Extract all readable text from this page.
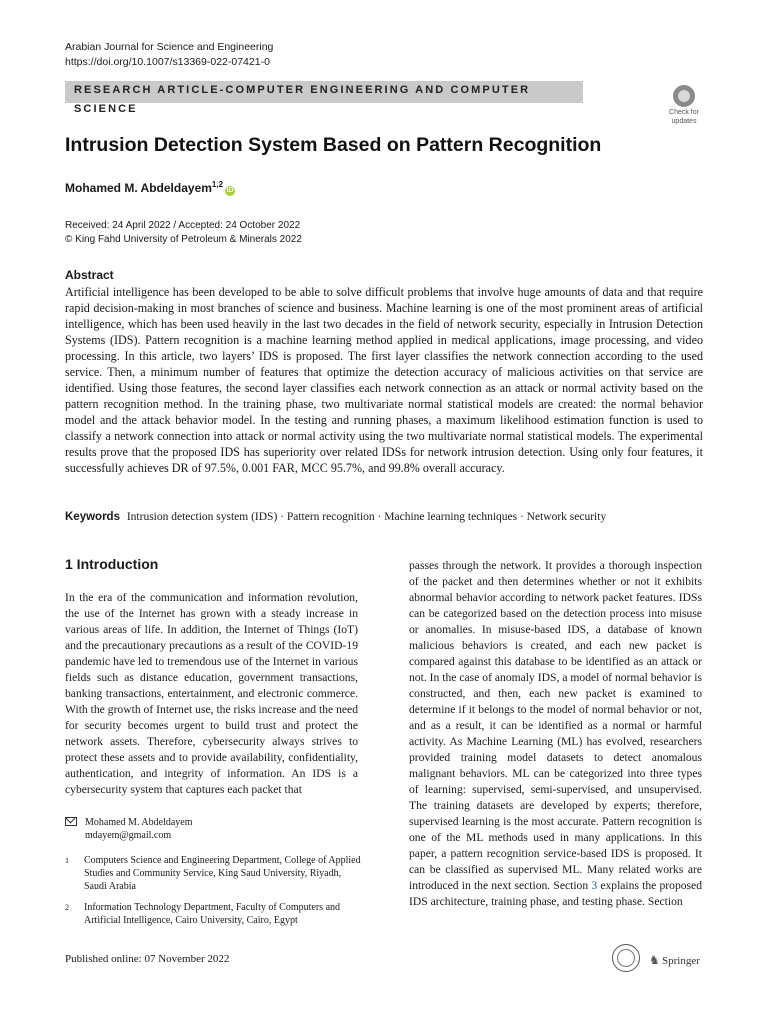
Arabian Journal for Science and Engineering
https://doi.org/10.1007/s13369-022-07421-0
RESEARCH ARTICLE-COMPUTER ENGINEERING AND COMPUTER SCIENCE	Check for
updates
Intrusion Detection System Based on Pattern Recognition
Mohamed M. Abdeldayem$^{1,2}$iD
Received: 24 April 2022 / Accepted: 24 October 2022
© King Fahd University of Petroleum & Minerals 2022
Abstract

Artificial intelligence has been developed to be able to solve difficult problems that involve huge amounts of data and that require rapid decision-making in most branches of science and business. Machine learning is one of the most prominent areas of artificial intelligence, which has been used heavily in the last two decades in the field of network security, especially in Intrusion Detection Systems (IDS). Pattern recognition is a machine learning method applied in medical applications, image processing, and video processing. In this article, two layers’ IDS is proposed. The first layer classifies the network connection according to the used service. Then, a minimum number of features that optimize the detection accuracy of malicious activities on that service are identified. Using those features, the second layer classifies each network connection as an attack or normal activity based on the pattern recognition method. In the training phase, two multivariate normal statistical models are created: the normal behavior model and the attack behavior model. In the testing and running phases, a maximum likelihood estimation function is used to classify a network connection into attack or normal activity using the two multivariate normal statistical models. The experimental results prove that the proposed IDS has superiority over related IDSs for network intrusion detection. Using only four features, it successfully achieves DR of 97.5%, 0.001 FAR, MCC 95.7%, and 99.8% overall accuracy.

Keywords Intrusion detection system (IDS) · Pattern recognition · Machine learning techniques · Network security
1 Introduction

In the era of the communication and information revolution, the use of the Internet has grown with a steady increase in various areas of life. In addition, the Internet of Things (IoT) and the precautionary precautions as a result of the COVID-19 pandemic have led to tremendous use of the Internet in various fields such as distance education, government transactions, banking transactions, entertainment, and electronic commerce. With the growth of Internet use, the risks increase and the need for security becomes urgent to build trust and protect the network assets. Therefore, cybersecurity always strives to protect these assets and to provide availability, confidentiality, authentication, and integrity of information. An IDS is a cybersecurity system that captures each packet that

passes through the network. It provides a thorough inspection of the packet and then determines whether or not it exhibits abnormal behavior according to network packet features. IDSs can be categorized based on the detection process into misuse or anomalies. In misuse-based IDS, a database of known malicious behaviors is created, and each new packet is compared against this database to be identified as an attack or not. In the case of anomaly IDS, a model of normal behavior is constructed, and then, each new packet is examined to determine if it belongs to the model of normal behavior or not, and as a result, it can be identified as a normal or harmful activity. As Machine Learning (ML) has evolved, researchers provided training model datasets to detect anomalous malignant behaviors. ML can be categorized into three types of learning: supervised, semi-supervised, and unsupervised. The training datasets are developed by experts; therefore, supervised learning is the most accurate. Pattern recognition is one of the ML methods used in many applications. In this paper, a pattern recognition service-based IDS is proposed. It can be classified as supervised ML. Many related works are introduced in the next section. Section 3 explains the proposed IDS architecture, training phase, and testing phase. Section

Mohamed M. Abdeldayem
mdayem@gmail.com
1 Computers Science and Engineering Department, College of Applied Studies and Community Service, King Saud University, Riyadh, Saudi Arabia
2 Information Technology Department, Faculty of Computers and Artificial Intelligence, Cairo University, Cairo, Egypt
Published online: 07 November 2022	♞ Springer
